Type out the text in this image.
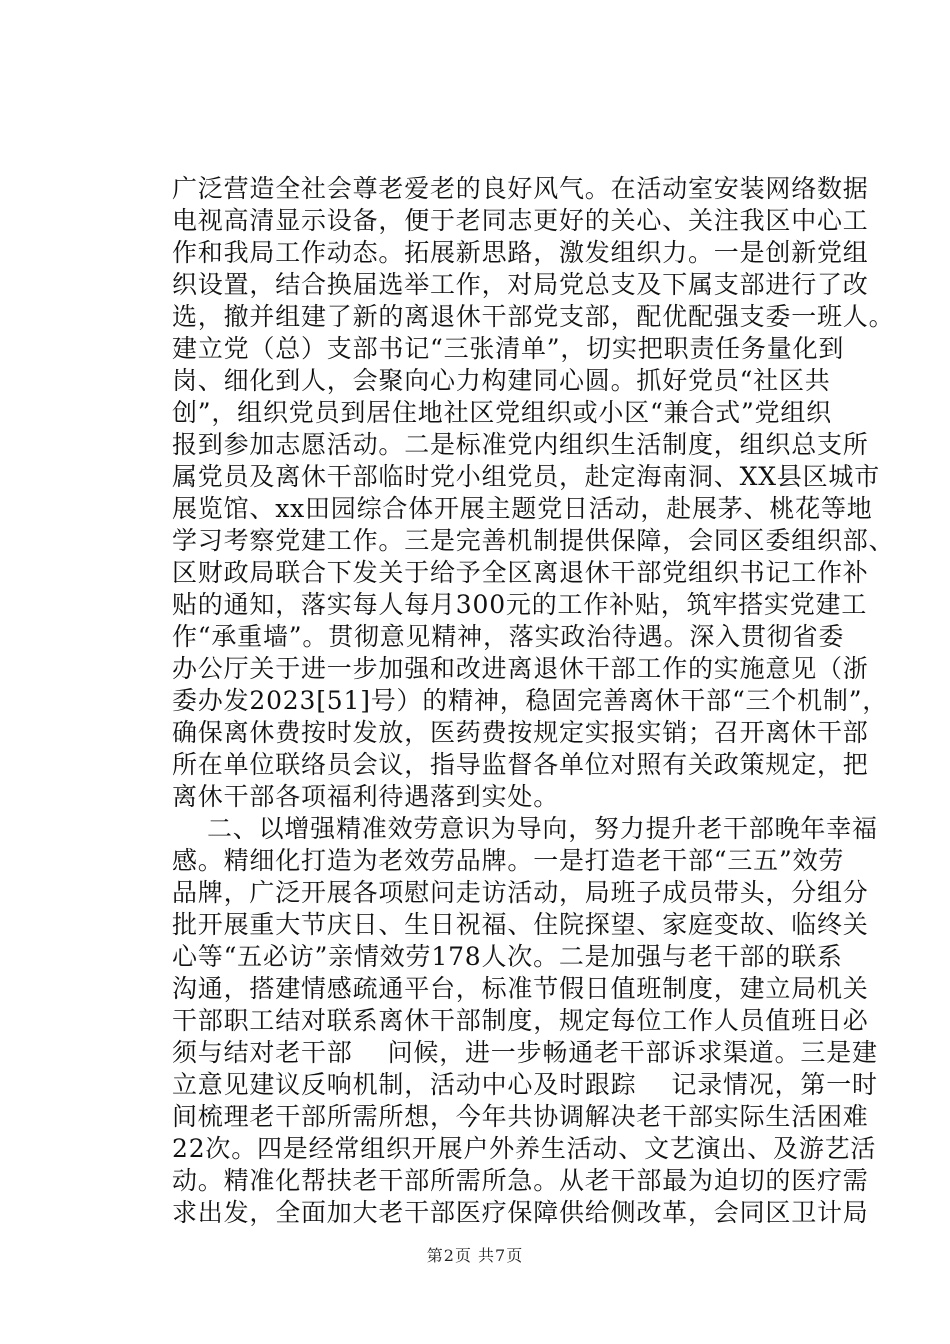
广泛营造全社会尊老爱老的良好风气。在活动室安装网络数据
电视高清显示设备，便于老同志更好的关心、关注我区中心工
作和我局工作动态。拓展新思路，激发组织力。一是创新党组
织设置，结合换届选举工作，对局党总支及下属支部进行了改
选，撤并组建了新的离退休干部党支部，配优配强支委一班人。
建立党（总）支部书记“三张清单”，切实把职责任务量化到
岗、细化到人，会聚向心力构建同心圆。抓好党员“社区共
创”，组织党员到居住地社区党组织或小区“兼合式”党组织
报到参加志愿活动。二是标准党内组织生活制度，组织总支所
属党员及离休干部临时党小组党员，赴定海南洞、XX县区城市
展览馆、xx田园综合体开展主题党日活动，赴展茅、桃花等地
学习考察党建工作。三是完善机制提供保障，会同区委组织部、
区财政局联合下发关于给予全区离退休干部党组织书记工作补
贴的通知，落实每人每月300元的工作补贴，筑牢搭实党建工
作“承重墙”。贯彻意见精神，落实政治待遇。深入贯彻省委
办公厅关于进一步加强和改进离退休干部工作的实施意见（浙
委办发2023[51]号）的精神，稳固完善离休干部“三个机制”，
确保离休费按时发放，医药费按规定实报实销；召开离休干部
所在单位联络员会议，指导监督各单位对照有关政策规定，把
离休干部各项福利待遇落到实处。
二、以增强精准效劳意识为导向，努力提升老干部晚年幸福
感。精细化打造为老效劳品牌。一是打造老干部“三五”效劳
品牌，广泛开展各项慰问走访活动，局班子成员带头，分组分
批开展重大节庆日、生日祝福、住院探望、家庭变故、临终关
心等“五必访”亲情效劳178人次。二是加强与老干部的联系
沟通，搭建情感疏通平台，标准节假日值班制度，建立局机关
干部职工结对联系离休干部制度，规定每位工作人员值班日必
须与结对老干部    问候，进一步畅通老干部诉求渠道。三是建
立意见建议反响机制，活动中心及时跟踪    记录情况，第一时
间梳理老干部所需所想，今年共协调解决老干部实际生活困难
22次。四是经常组织开展户外养生活动、文艺演出、及游艺活
动。精准化帮扶老干部所需所急。从老干部最为迫切的医疗需
求出发，全面加大老干部医疗保障供给侧改革，会同区卫计局
第2页 共7页
